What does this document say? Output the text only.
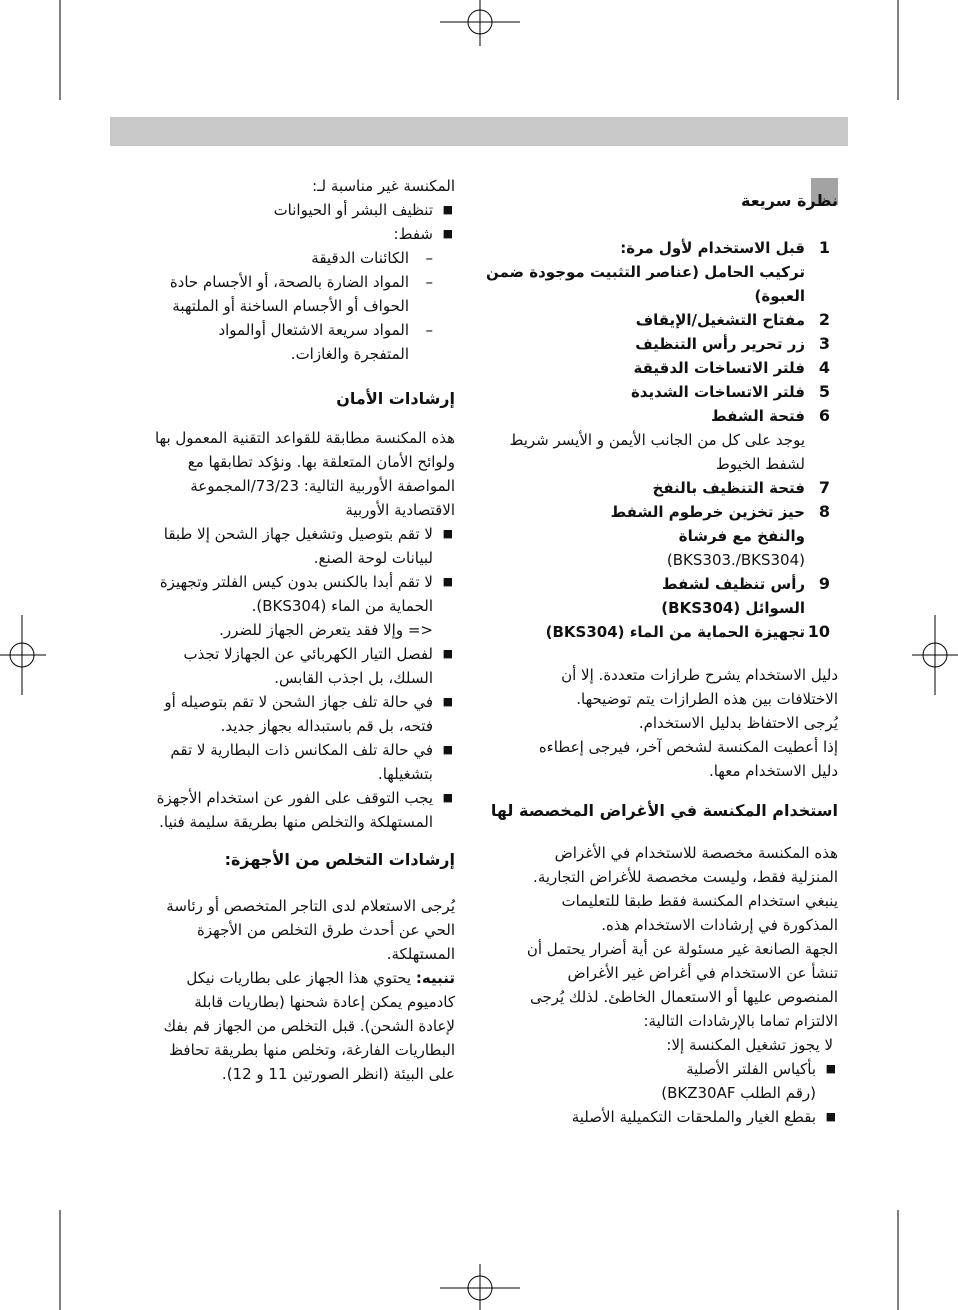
نظرة سريعة
1
قبل الاستخدام لأول مرة:
تركيب الحامل (عناصر التثبيت موجودة ضمن
العبوة)
2
مفتاح التشغيل/الإيقاف
3
زر تحرير رأس التنظيف
4
فلتر الاتساخات الدقيقة
5
فلتر الاتساخات الشديدة
6
فتحة الشفط
يوجد على كل من الجانب الأيمن و الأيسر شريط
لشفط الخيوط
7
فتحة التنظيف بالنفخ
8
حيز تخزين خرطوم الشفط
والنفخ مع فرشاة
(BKS303./BKS304)
9
رأس تنظيف لشفط
السوائل (BKS304)
10
تجهيزة الحماية من الماء (BKS304)
دليل الاستخدام يشرح طرازات متعددة. إلا أن
الاختلافات بين هذه الطرازات يتم توضيحها.
يُرجى الاحتفاظ بدليل الاستخدام.
إذا أعطيت المكنسة لشخص آخر، فيرجى إعطاءه
دليل الاستخدام معها.
استخدام المكنسة في الأغراض المخصصة لها
هذه المكنسة مخصصة للاستخدام في الأغراض
المنزلية فقط، وليست مخصصة للأغراض التجارية.
ينبغي استخدام المكنسة فقط طبقا للتعليمات
المذكورة في إرشادات الاستخدام هذه.
الجهة الصانعة غير مسئولة عن أية أضرار يحتمل أن
تنشأ عن الاستخدام في أغراض غير الأغراض
المنصوص عليها أو الاستعمال الخاطئ. لذلك يُرجى
الالتزام تماما بالإرشادات التالية:
لا يجوز تشغيل المكنسة إلا:
■
بأكياس الفلتر الأصلية
(رقم الطلب BKZ30AF)
■
بقطع الغيار والملحقات التكميلية الأصلية
المكنسة غير مناسبة لـ:
■
تنظيف البشر أو الحيوانات
■
شفط:
–
الكائنات الدقيقة
–
المواد الضارة بالصحة، أو الأجسام حادة
الحواف أو الأجسام الساخنة أو الملتهبة
–
المواد سريعة الاشتعال أوالمواد
المتفجرة والغازات.
إرشادات الأمان
هذه المكنسة مطابقة للقواعد التقنية المعمول بها
ولوائح الأمان المتعلقة بها. ونؤكد تطابقها مع
المواصفة الأوربية التالية: 73/23/المجموعة
الاقتصادية الأوربية
■
لا تقم بتوصيل وتشغيل جهاز الشحن إلا طبقا
لبيانات لوحة الصنع.
■
لا تقم أبدا بالكنس بدون كيس الفلتر وتجهيزة
الحماية من الماء (BKS304).
<= وإلا فقد يتعرض الجهاز للضرر.
■
لفصل التيار الكهربائي عن الجهازلا تجذب
السلك، بل اجذب القابس.
■
في حالة تلف جهاز الشحن لا تقم بتوصيله أو
فتحه، بل قم باستبداله بجهاز جديد.
■
في حالة تلف المكانس ذات البطارية لا تقم
بتشغيلها.
■
يجب التوقف على الفور عن استخدام الأجهزة
المستهلكة والتخلص منها بطريقة سليمة فنيا.
إرشادات التخلص من الأجهزة:
يُرجى الاستعلام لدى التاجر المتخصص أو رئاسة
الحي عن أحدث طرق التخلص من الأجهزة
المستهلكة.
تنبيه: يحتوي هذا الجهاز على بطاريات نيكل
كادميوم يمكن إعادة شحنها (بطاريات قابلة
لإعادة الشحن). قبل التخلص من الجهاز قم بفك
البطاريات الفارغة، وتخلص منها بطريقة تحافظ
على البيئة (انظر الصورتين 11 و 12).
